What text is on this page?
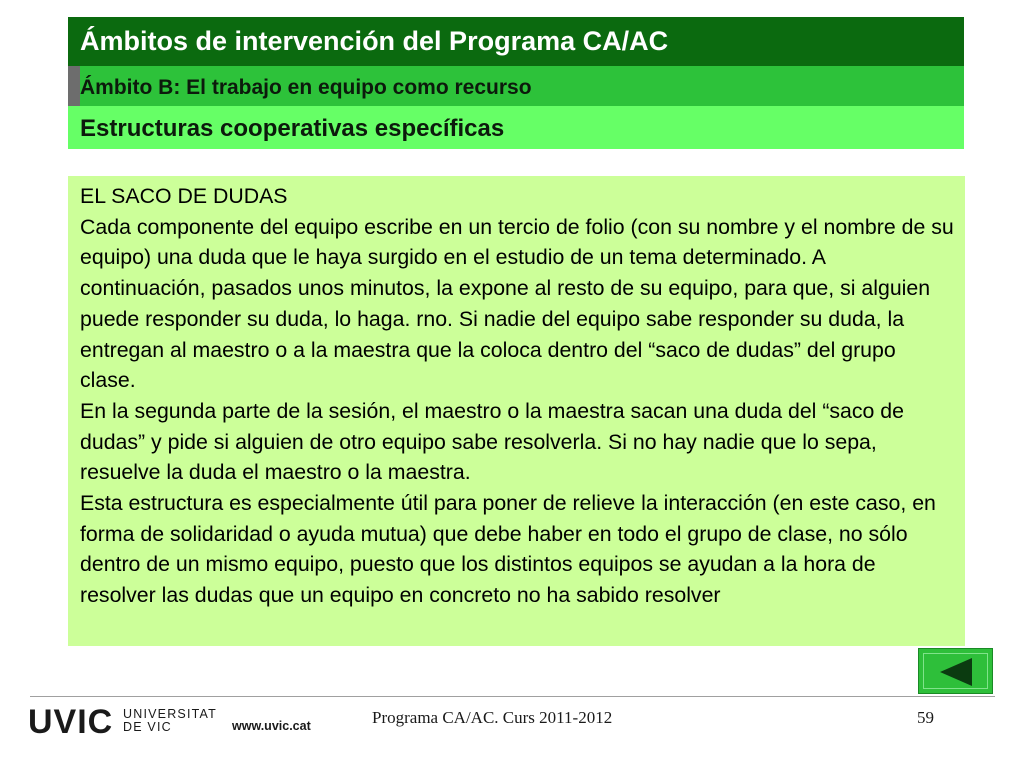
Ámbitos de intervención del Programa CA/AC
Ámbito B: El trabajo en equipo como recurso
Estructuras cooperativas específicas

EL SACO DE DUDAS

Cada componente del equipo escribe en un tercio de folio (con su nombre y el nombre de su equipo) una duda que le haya surgido en el estudio de un tema determinado. A continuación, pasados unos minutos, la expone al resto de su equipo, para que, si alguien puede responder su duda, lo haga. rno. Si nadie del equipo sabe responder su duda, la entregan al maestro o a la maestra que la coloca dentro del “saco de dudas” del grupo clase.

En la segunda parte de la sesión, el maestro o la maestra sacan una duda del “saco de dudas” y pide si alguien de otro equipo sabe resolverla. Si no hay nadie que lo sepa, resuelve la duda el maestro o la maestra.

Esta estructura es especialmente útil para poner de relieve la interacción (en este caso, en forma de solidaridad o ayuda mutua) que debe haber en todo el grupo de clase, no sólo dentro de un mismo equipo, puesto que los distintos equipos se ayudan a la hora de resolver las dudas que un equipo en concreto no ha sabido resolver

UVIC UNIVERSITAT
DE VIC	www.uvic.cat	Programa CA/AC. Curs 2011-2012	59
